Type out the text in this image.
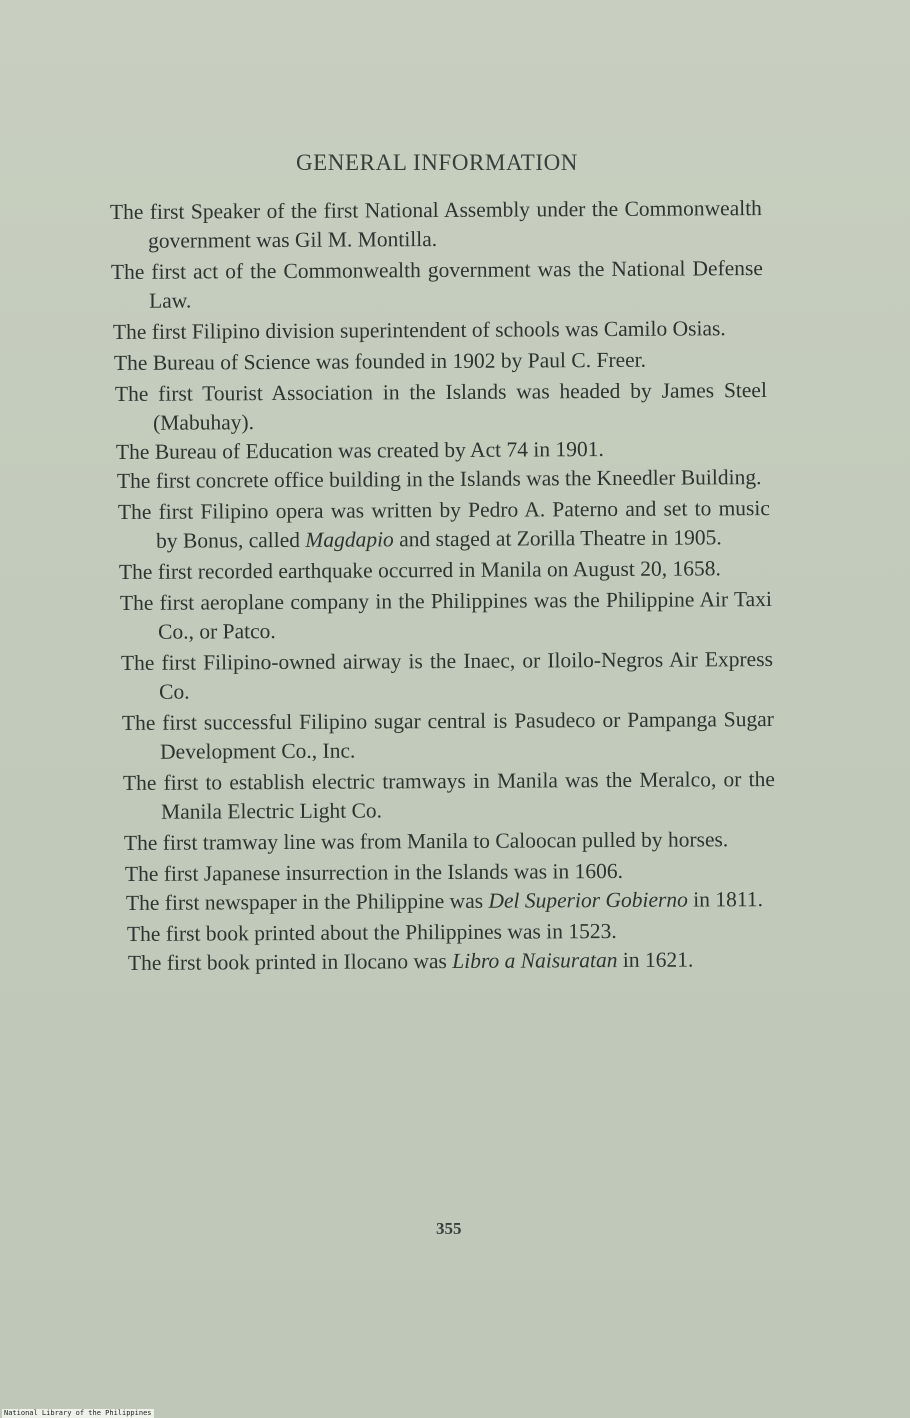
GENERAL INFORMATION

The first Speaker of the first National Assembly under the Commonwealth government was Gil M. Montilla.

The first act of the Commonwealth government was the National Defense Law.

The first Filipino division superintendent of schools was Camilo Osias.

The Bureau of Science was founded in 1902 by Paul C. Freer.

The first Tourist Association in the Islands was headed by James Steel (Mabuhay).

The Bureau of Education was created by Act 74 in 1901.

The first concrete office building in the Islands was the Kneedler Building.

The first Filipino opera was written by Pedro A. Paterno and set to music by Bonus, called Magdapio and staged at Zorilla Theatre in 1905.

The first recorded earthquake occurred in Manila on August 20, 1658.

The first aeroplane company in the Philippines was the Philippine Air Taxi Co., or Patco.

The first Filipino-owned airway is the Inaec, or Iloilo-Negros Air Express Co.

The first successful Filipino sugar central is Pasudeco or Pampanga Sugar Development Co., Inc.

The first to establish electric tramways in Manila was the Meralco, or the Manila Electric Light Co.

The first tramway line was from Manila to Caloocan pulled by horses.

The first Japanese insurrection in the Islands was in 1606.

The first newspaper in the Philippine was Del Superior Gobierno in 1811.

The first book printed about the Philippines was in 1523.

The first book printed in Ilocano was Libro a Naisuratan in 1621.

355
National Library of the Philippines
